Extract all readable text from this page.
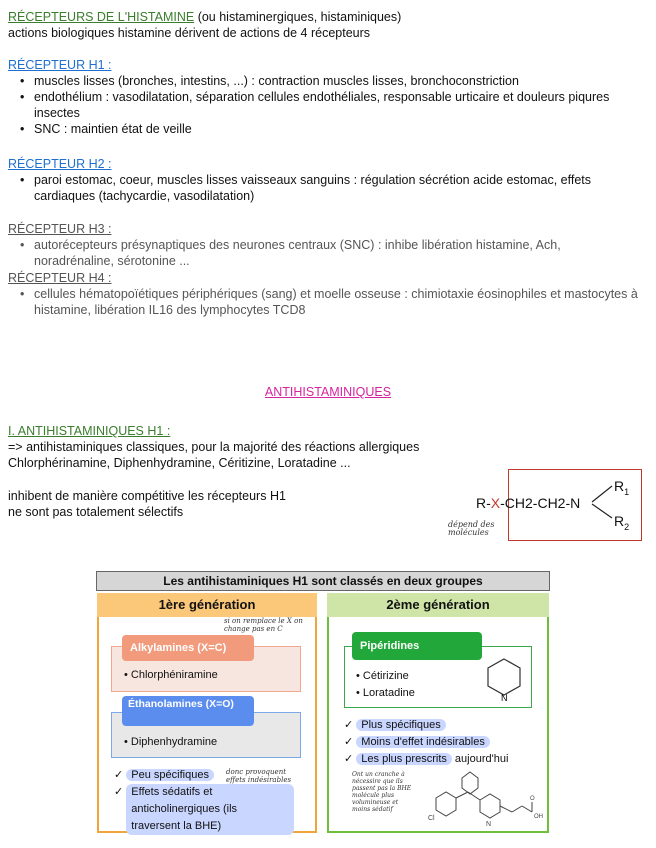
RÉCEPTEURS DE L'HISTAMINE (ou histaminergiques, histaminiques)
actions biologiques histamine dérivent de actions de 4 récepteurs
RÉCEPTEUR H1 :
• muscles lisses (bronches, intestins, ...) : contraction muscles lisses, bronchoconstriction
• endothélium : vasodilatation, séparation cellules endothéliales, responsable urticaire et douleurs piqures insectes
• SNC : maintien état de veille
RÉCEPTEUR H2 :
• paroi estomac, coeur, muscles lisses vaisseaux sanguins : régulation sécrétion acide estomac, effets cardiaques (tachycardie, vasodilatation)
RÉCEPTEUR H3 :
• autorécepteurs présynaptiques des neurones centraux (SNC) : inhibe libération histamine, Ach, noradrénaline, sérotonine ...
RÉCEPTEUR H4 :
• cellules hématopoïétiques périphériques (sang) et moelle osseuse : chimiotaxie éosinophiles et mastocytes à histamine, libération IL16 des lymphocytes TCD8
ANTIHISTAMINIQUES
I. ANTIHISTAMINIQUES H1 :
=> antihistaminiques classiques, pour la majorité des réactions allergiques
Chlorphérinamine, Diphenhydramine, Céritizine, Loratadine ...
inhibent de manière compétitive les récepteurs H1
ne sont pas totalement sélectifs
R-X-CH2-CH2-N
$R_1$
$R_2$
dépend des molécules
Les antihistaminiques H1 sont classés en deux groupes
1ère génération
Alkylamines (X=C)
si on remplace le X on change pas en C
• Chlorphéniramine
Éthanolamines (X=O)
• Diphenhydramine
✓ Peu spécifiques
✓ Effets sédatifs et anticholinergiques (ils traversent la BHE)
donc provoquent effets indésirables
2ème génération
Pipéridines
• Cétirizine
• Loratadine	N
✓ Plus spécifiques
✓ Moins d'effet indésirables
✓ Les plus prescrits aujourd'hui
Ont un cranche à nécessire que ils passent pas la BHE molécule plus volumineuse et moins sédatif
Cl
N
O
OH
